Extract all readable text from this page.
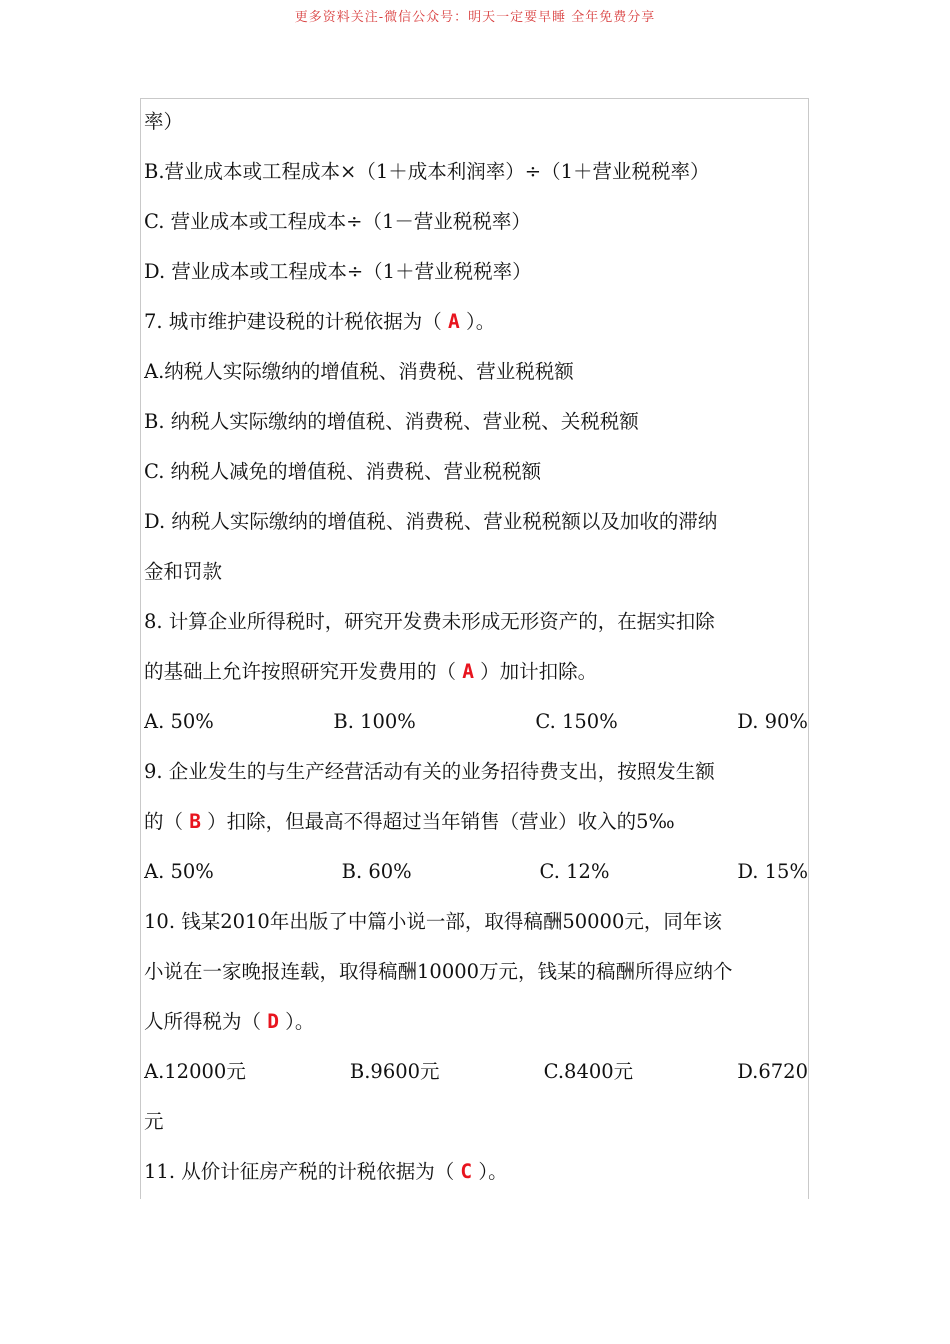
更多资料关注-微信公众号：明天一定要早睡 全年免费分享
率）
B.营业成本或工程成本×（1＋成本利润率）÷（1＋营业税税率）
C. 营业成本或工程成本÷（1－营业税税率）
D. 营业成本或工程成本÷（1＋营业税税率）
7. 城市维护建设税的计税依据为（ A ）。
A.纳税人实际缴纳的增值税、消费税、营业税税额
B. 纳税人实际缴纳的增值税、消费税、营业税、关税税额
C. 纳税人减免的增值税、消费税、营业税税额
D. 纳税人实际缴纳的增值税、消费税、营业税税额以及加收的滞纳
金和罚款
8. 计算企业所得税时，研究开发费未形成无形资产的，在据实扣除
的基础上允许按照研究开发费用的（ A ）加计扣除。
A. 50%	B. 100%	C. 150%	D. 90%
9. 企业发生的与生产经营活动有关的业务招待费支出，按照发生额
的（ B ）扣除，但最高不得超过当年销售（营业）收入的5‰
A. 50%	B. 60%	C. 12%	D. 15%
10. 钱某2010年出版了中篇小说一部，取得稿酬50000元，同年该
小说在一家晚报连载，取得稿酬10000万元，钱某的稿酬所得应纳个
人所得税为（ D ）。
A.12000元	B.9600元	C.8400元	D.6720
元
11. 从价计征房产税的计税依据为（ C ）。
